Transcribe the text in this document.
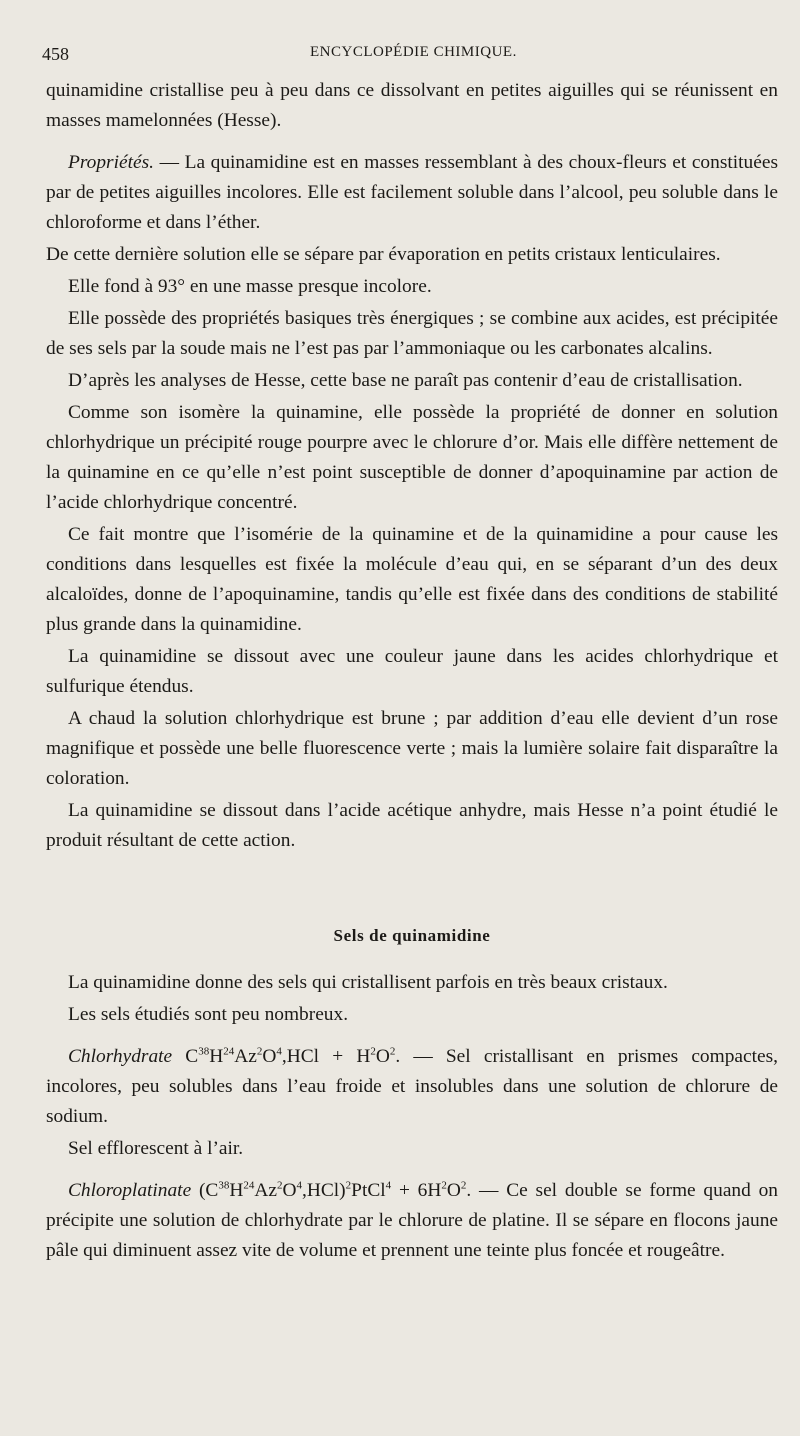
458	ENCYCLOPÉDIE CHIMIQUE.

quinamidine cristallise peu à peu dans ce dissolvant en petites aiguilles qui se réunissent en masses mamelonnées (Hesse).

Propriétés. — La quinamidine est en masses ressemblant à des choux-fleurs et constituées par de petites aiguilles incolores. Elle est facilement soluble dans l’alcool, peu soluble dans le chloroforme et dans l’éther.

De cette dernière solution elle se sépare par évaporation en petits cristaux lenticulaires.

Elle fond à 93° en une masse presque incolore.

Elle possède des propriétés basiques très énergiques ; se combine aux acides, est précipitée de ses sels par la soude mais ne l’est pas par l’ammoniaque ou les carbonates alcalins.

D’après les analyses de Hesse, cette base ne paraît pas contenir d’eau de cristallisation.

Comme son isomère la quinamine, elle possède la propriété de donner en solution chlorhydrique un précipité rouge pourpre avec le chlorure d’or. Mais elle diffère nettement de la quinamine en ce qu’elle n’est point susceptible de donner d’apoquinamine par action de l’acide chlorhydrique concentré.

Ce fait montre que l’isomérie de la quinamine et de la quinamidine a pour cause les conditions dans lesquelles est fixée la molécule d’eau qui, en se séparant d’un des deux alcaloïdes, donne de l’apoquinamine, tandis qu’elle est fixée dans des conditions de stabilité plus grande dans la quinamidine.

La quinamidine se dissout avec une couleur jaune dans les acides chlorhydrique et sulfurique étendus.

A chaud la solution chlorhydrique est brune ; par addition d’eau elle devient d’un rose magnifique et possède une belle fluorescence verte ; mais la lumière solaire fait disparaître la coloration.

La quinamidine se dissout dans l’acide acétique anhydre, mais Hesse n’a point étudié le produit résultant de cette action.

Sels de quinamidine

La quinamidine donne des sels qui cristallisent parfois en très beaux cristaux.

Les sels étudiés sont peu nombreux.

Chlorhydrate $C^{38}H^{24}Az^2O^4,HCl + H^2O^2$. — Sel cristallisant en prismes compactes, incolores, peu solubles dans l’eau froide et insolubles dans une solution de chlorure de sodium.

Sel efflorescent à l’air.

Chloroplatinate $(C^{38}H^{24}Az^2O^4,HCl)^2PtCl^4 + 6H^2O^2$. — Ce sel double se forme quand on précipite une solution de chlorhydrate par le chlorure de platine. Il se sépare en flocons jaune pâle qui diminuent assez vite de volume et prennent une teinte plus foncée et rougeâtre.
